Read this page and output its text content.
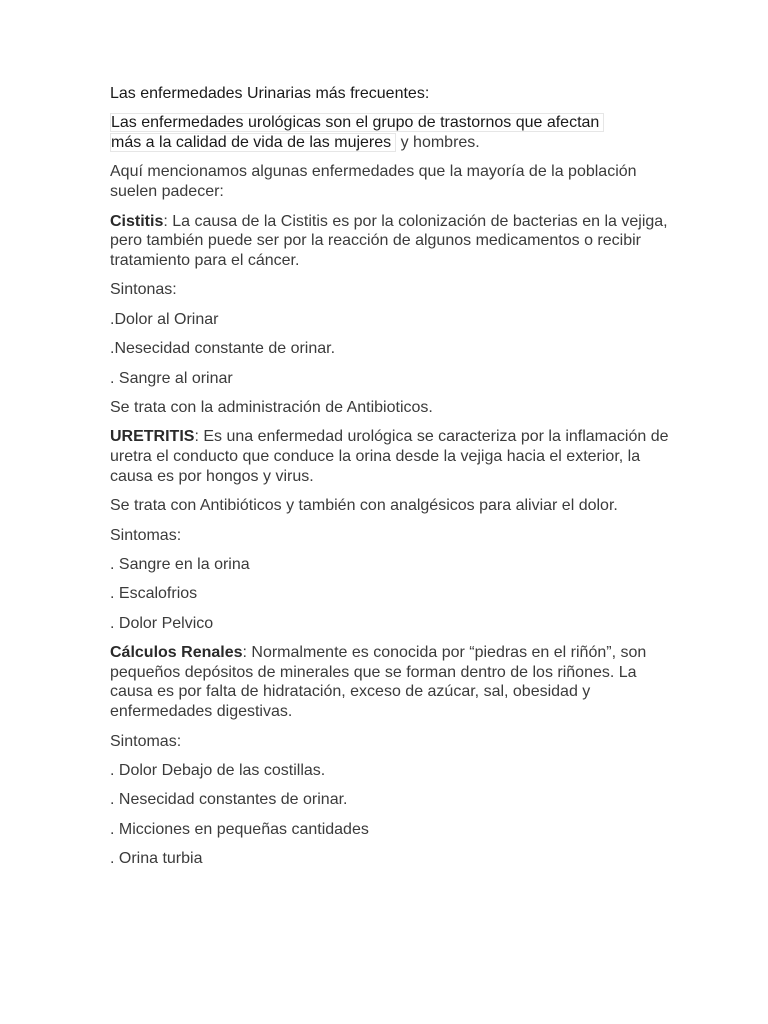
Las enfermedades Urinarias más frecuentes:

Las enfermedades urológicas son el grupo de trastornos que afectan
más a la calidad de vida de las mujeres y hombres.

Aquí mencionamos algunas enfermedades que la mayoría de la población suelen padecer:

Cistitis: La causa de la Cistitis es por la colonización de bacterias en la vejiga, pero también puede ser por la reacción de algunos medicamentos o recibir tratamiento para el cáncer.

Sintonas:

.Dolor al Orinar

.Nesecidad constante de orinar.

. Sangre al orinar

Se trata con la administración de Antibioticos.

URETRITIS: Es una enfermedad urológica se caracteriza por la inflamación de uretra el conducto que conduce la orina desde la vejiga hacia el exterior, la causa es por hongos y virus.

Se trata con Antibióticos y también con analgésicos para aliviar el dolor.

Sintomas:

. Sangre en la orina

. Escalofrios

. Dolor Pelvico

Cálculos Renales: Normalmente es conocida por “piedras en el riñón”, son pequeños depósitos de minerales que se forman dentro de los riñones. La causa es por falta de hidratación, exceso de azúcar, sal, obesidad y enfermedades digestivas.

Sintomas:

. Dolor Debajo de las costillas.

. Nesecidad constantes de orinar.

. Micciones en pequeñas cantidades

. Orina turbia
